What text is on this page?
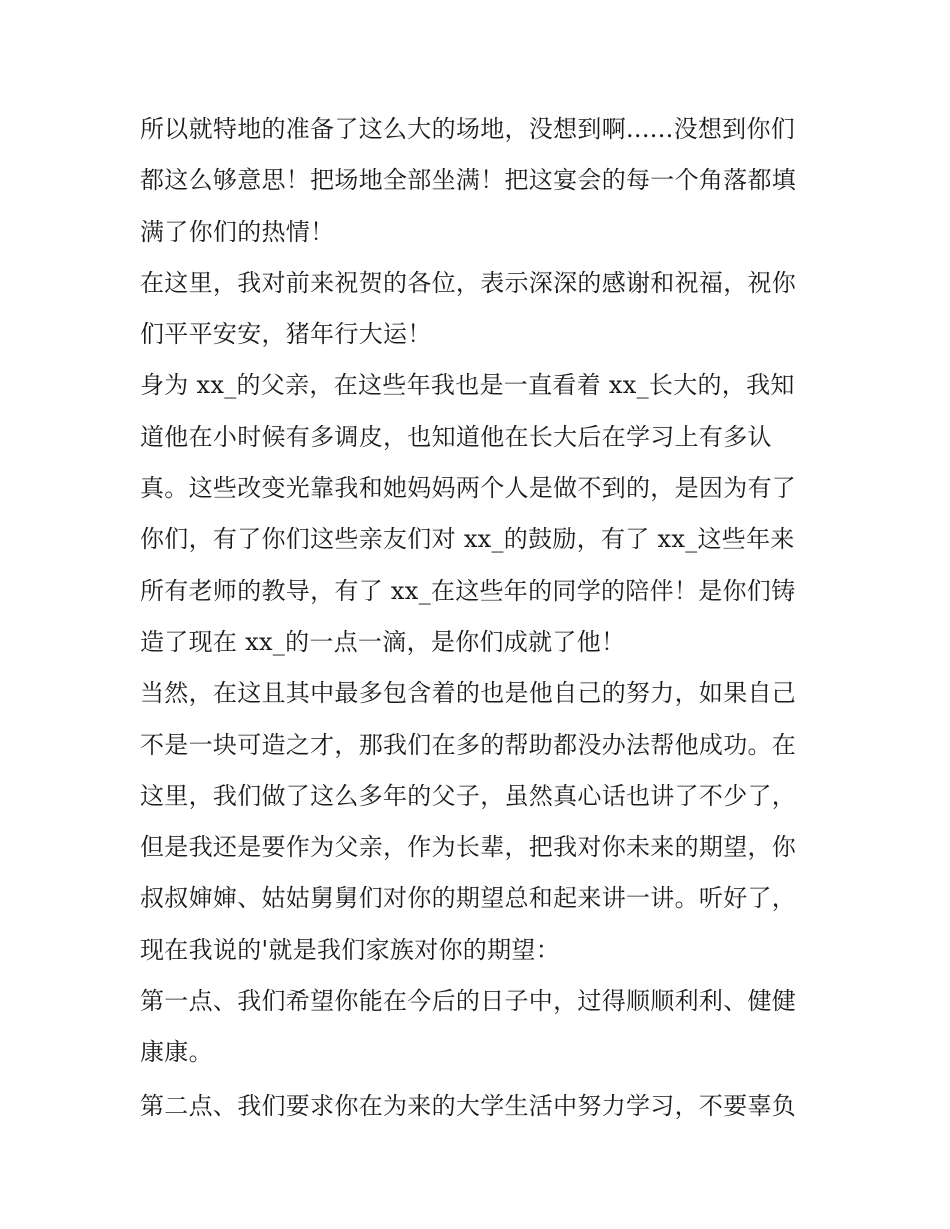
所以就特地的准备了这么大的场地，没想到啊......没想到你们
都这么够意思！把场地全部坐满！把这宴会的每一个角落都填
满了你们的热情！
在这里，我对前来祝贺的各位，表示深深的感谢和祝福，祝你
们平平安安，猪年行大运！
身为 xx_的父亲，在这些年我也是一直看着 xx_长大的，我知
道他在小时候有多调皮，也知道他在长大后在学习上有多认
真。这些改变光靠我和她妈妈两个人是做不到的，是因为有了
你们，有了你们这些亲友们对 xx_的鼓励，有了 xx_这些年来
所有老师的教导，有了 xx_在这些年的同学的陪伴！是你们铸
造了现在 xx_的一点一滴，是你们成就了他！
当然，在这且其中最多包含着的也是他自己的努力，如果自己
不是一块可造之才，那我们在多的帮助都没办法帮他成功。在
这里，我们做了这么多年的父子，虽然真心话也讲了不少了，
但是我还是要作为父亲，作为长辈，把我对你未来的期望，你
叔叔婶婶、姑姑舅舅们对你的期望总和起来讲一讲。听好了，
现在我说的'就是我们家族对你的期望：
第一点、我们希望你能在今后的日子中，过得顺顺利利、健健
康康。
第二点、我们要求你在为来的大学生活中努力学习，不要辜负
